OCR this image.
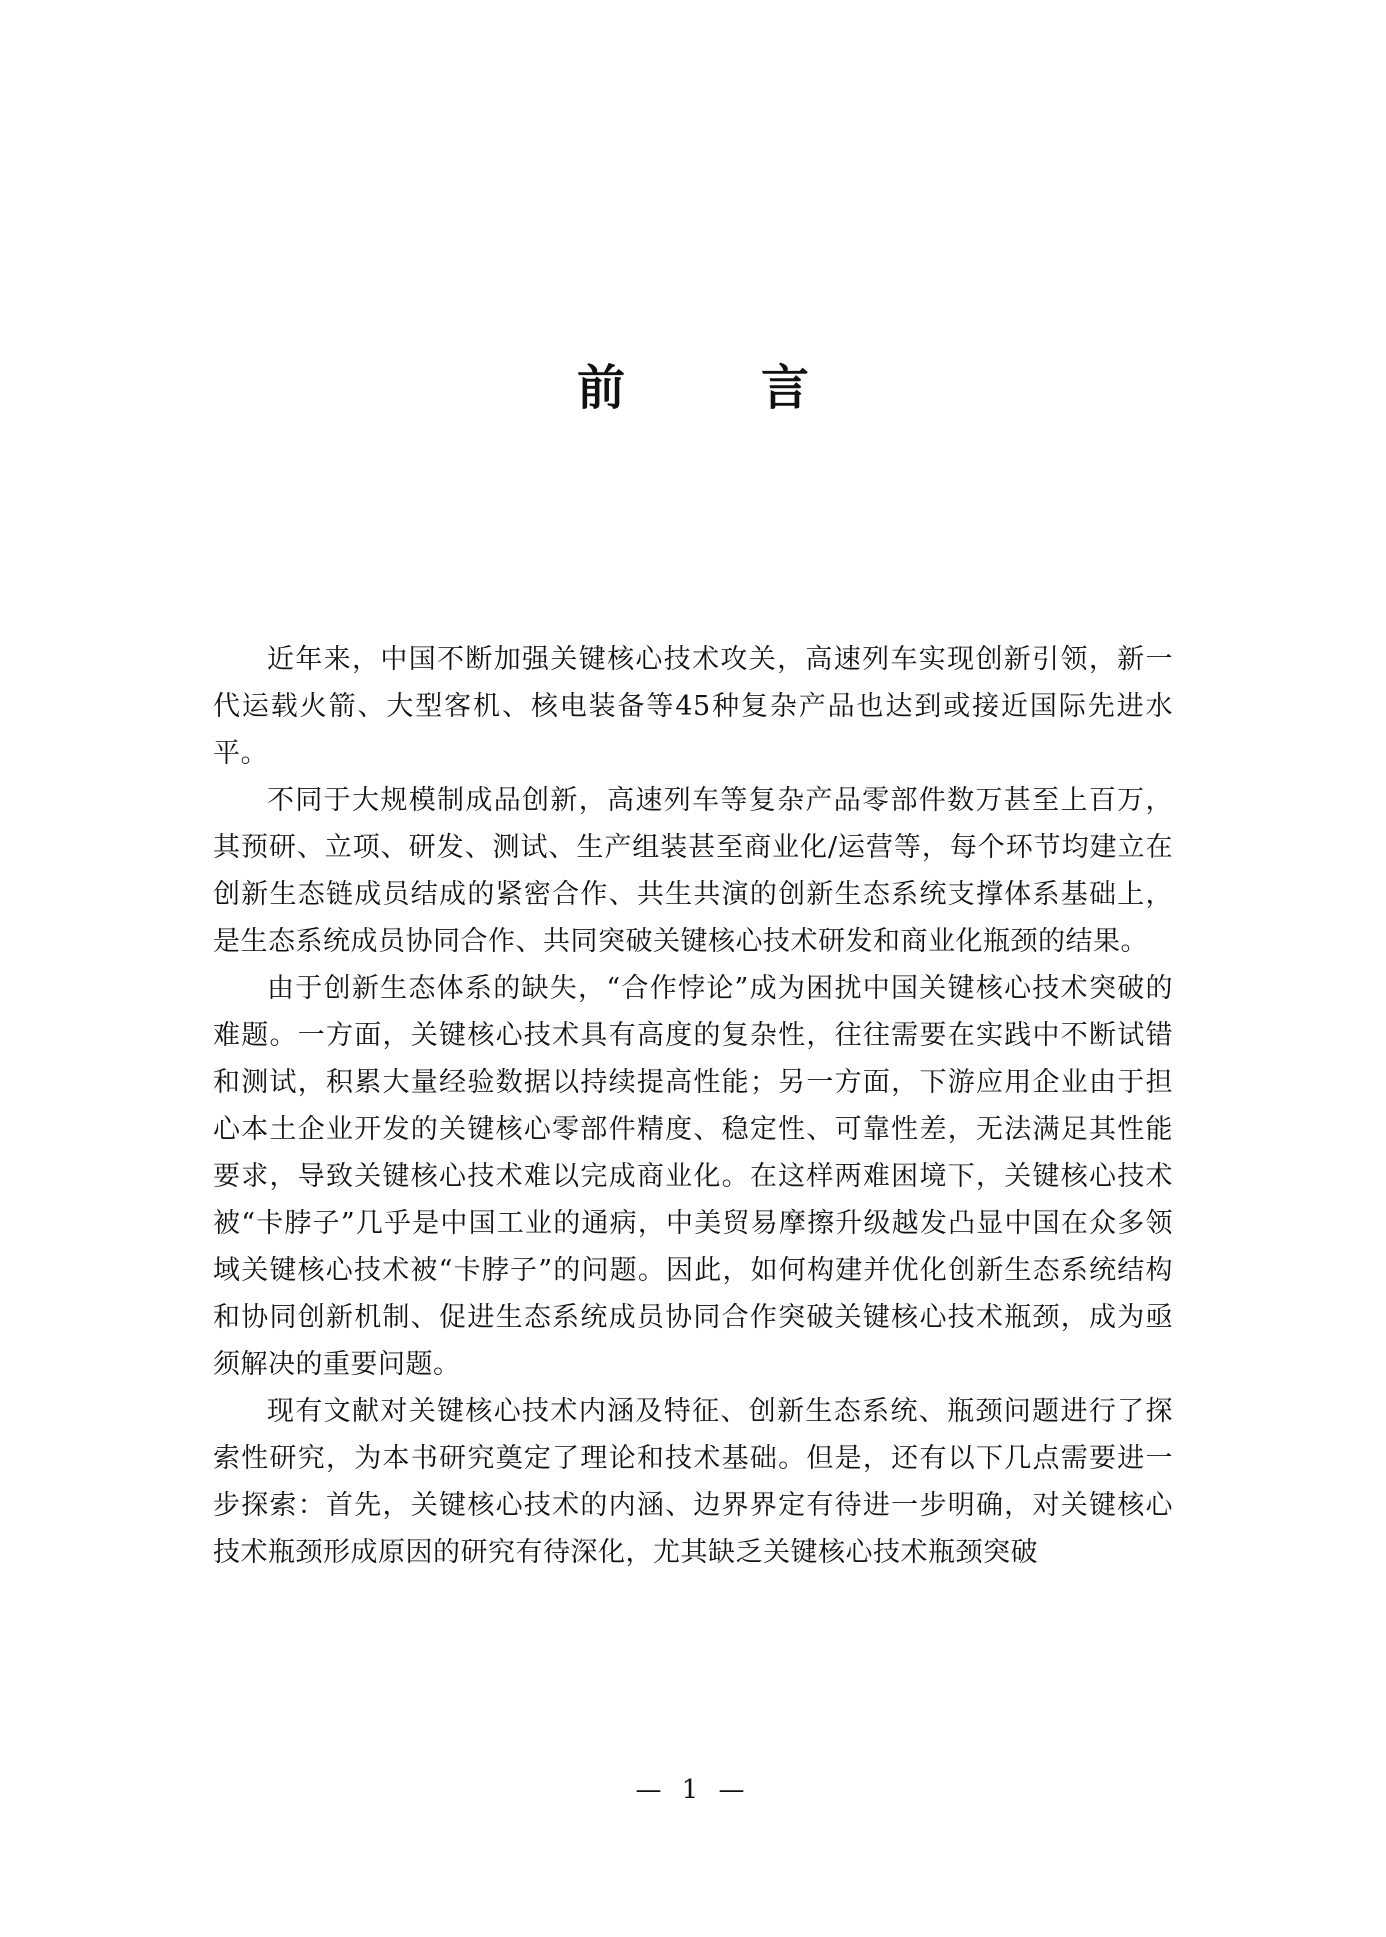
前　言

近年来，中国不断加强关键核心技术攻关，高速列车实现创新引领，新一代运载火箭、大型客机、核电装备等45种复杂产品也达到或接近国际先进水平。

不同于大规模制成品创新，高速列车等复杂产品零部件数万甚至上百万，其预研、立项、研发、测试、生产组装甚至商业化/运营等，每个环节均建立在创新生态链成员结成的紧密合作、共生共演的创新生态系统支撑体系基础上，是生态系统成员协同合作、共同突破关键核心技术研发和商业化瓶颈的结果。

由于创新生态体系的缺失，“合作悖论”成为困扰中国关键核心技术突破的难题。一方面，关键核心技术具有高度的复杂性，往往需要在实践中不断试错和测试，积累大量经验数据以持续提高性能；另一方面，下游应用企业由于担心本土企业开发的关键核心零部件精度、稳定性、可靠性差，无法满足其性能要求，导致关键核心技术难以完成商业化。在这样两难困境下，关键核心技术被“卡脖子”几乎是中国工业的通病，中美贸易摩擦升级越发凸显中国在众多领域关键核心技术被“卡脖子”的问题。因此，如何构建并优化创新生态系统结构和协同创新机制、促进生态系统成员协同合作突破关键核心技术瓶颈，成为亟须解决的重要问题。

现有文献对关键核心技术内涵及特征、创新生态系统、瓶颈问题进行了探索性研究，为本书研究奠定了理论和技术基础。但是，还有以下几点需要进一步探索：首先，关键核心技术的内涵、边界界定有待进一步明确，对关键核心技术瓶颈形成原因的研究有待深化，尤其缺乏关键核心技术瓶颈突破

— 1 —
